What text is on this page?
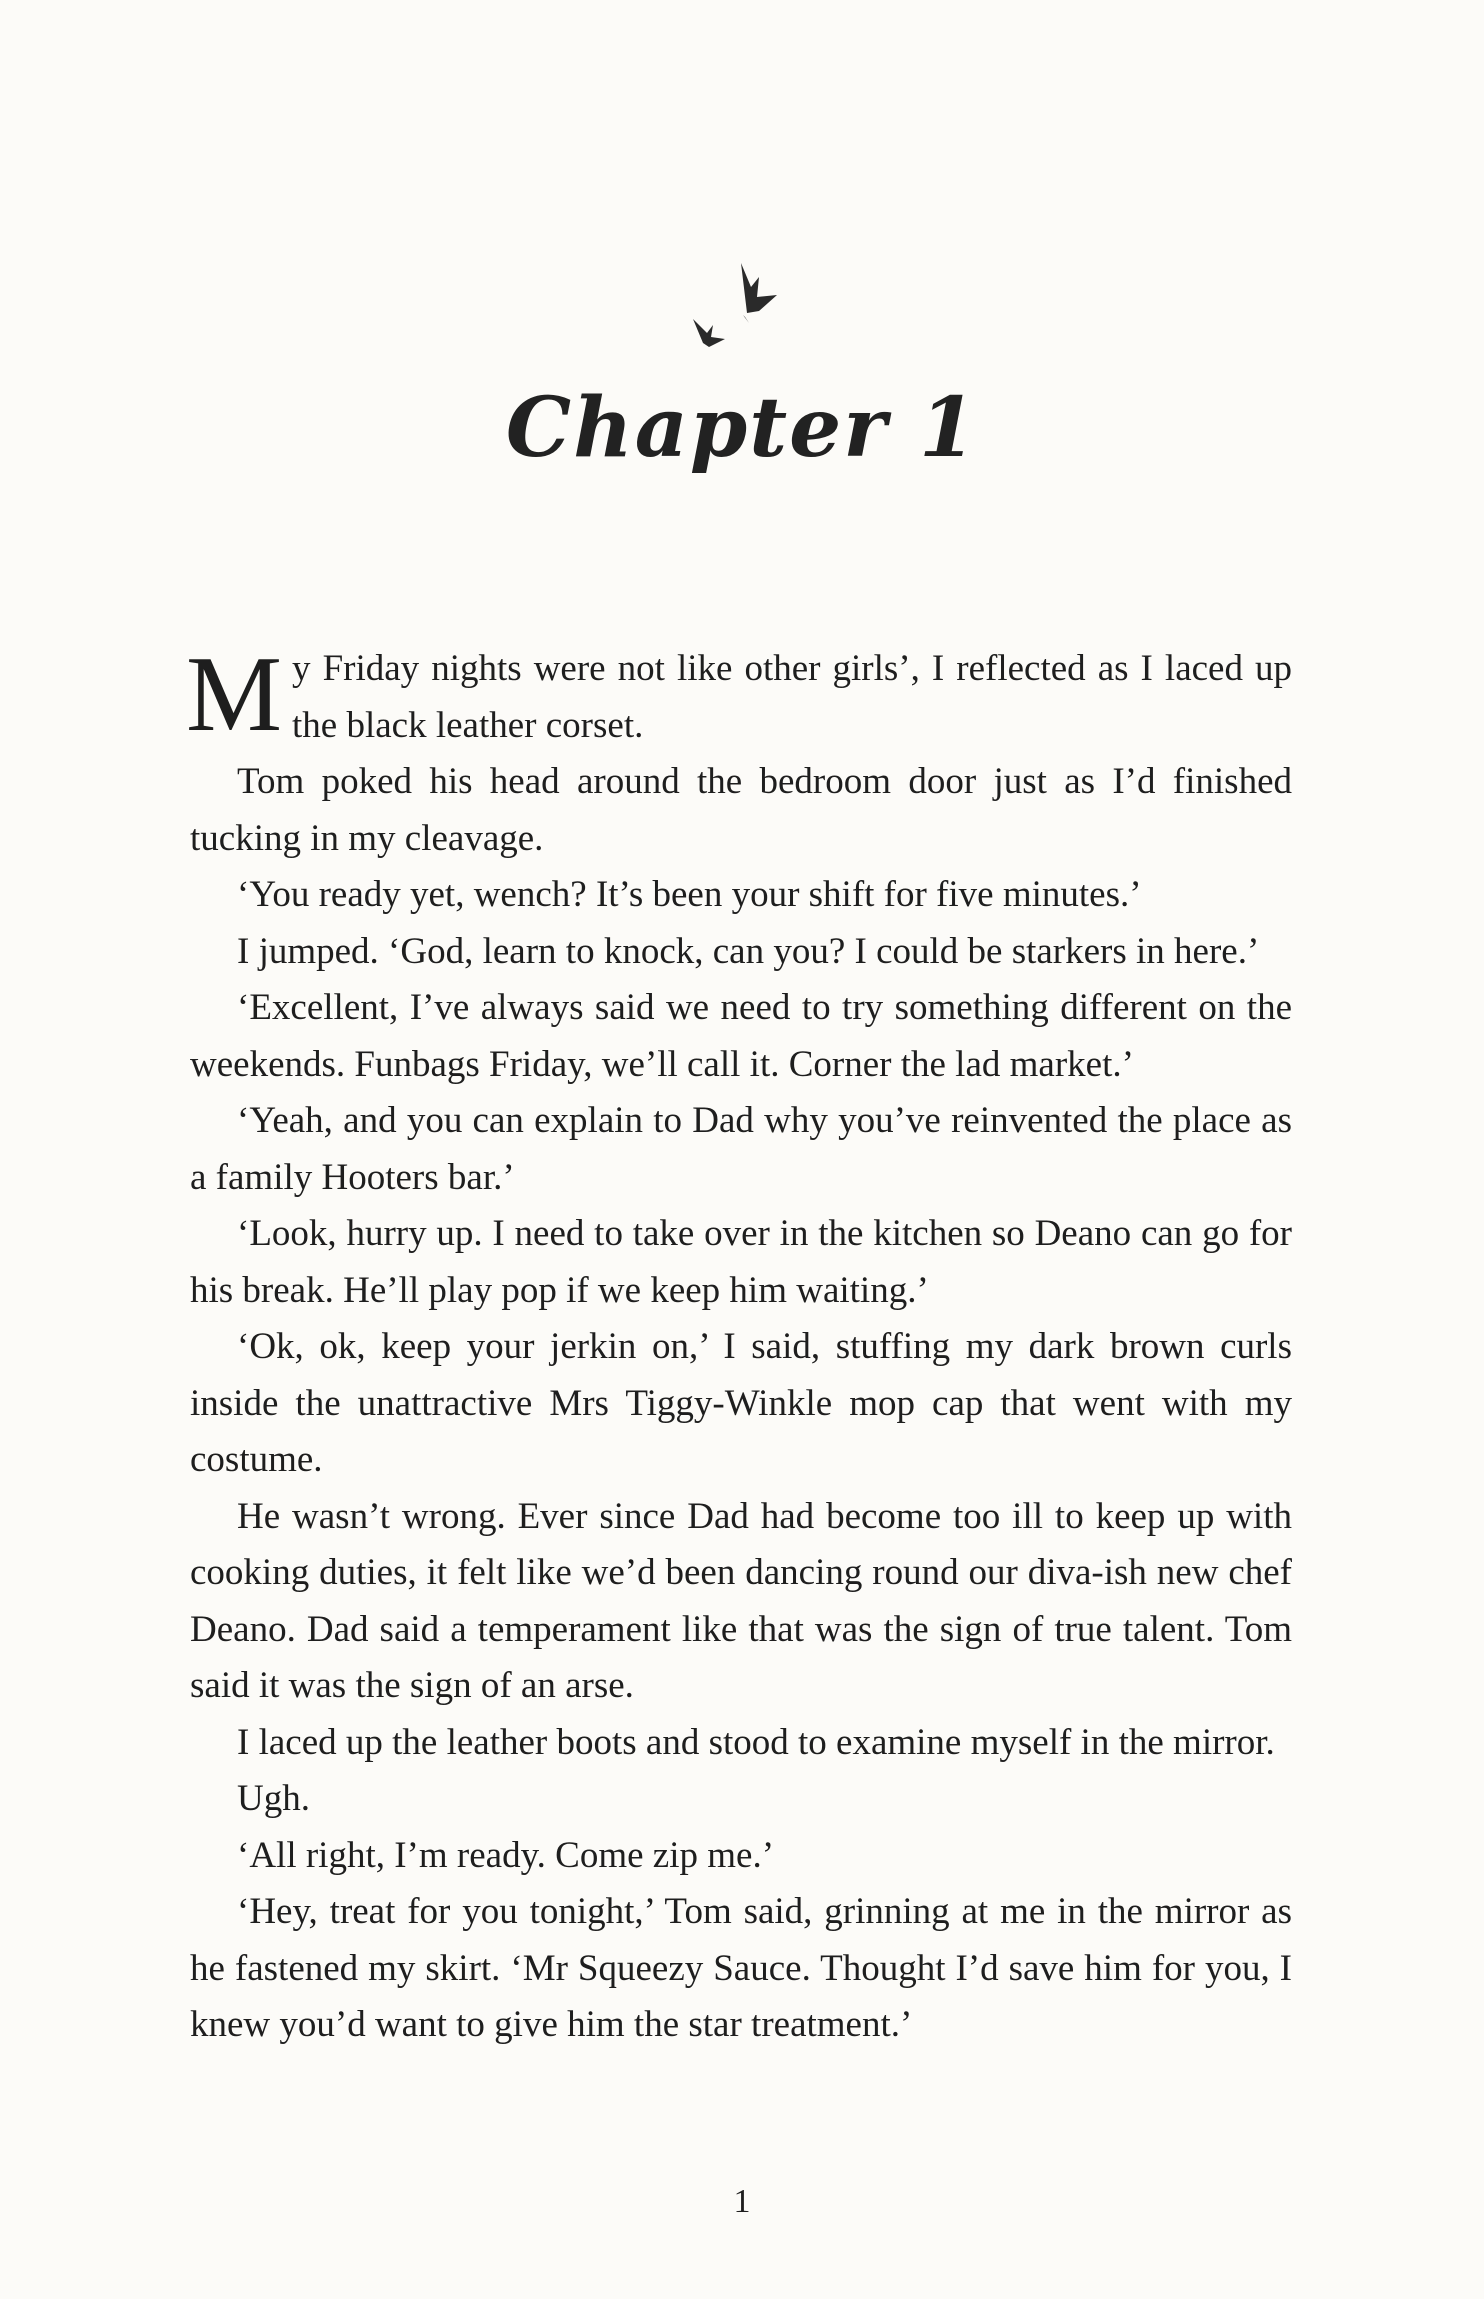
Chapter 1

My Friday nights were not like other girls’, I reflected as I laced up the black leather corset.

Tom poked his head around the bedroom door just as I’d finished tucking in my cleavage.

‘You ready yet, wench? It’s been your shift for five minutes.’

I jumped. ‘God, learn to knock, can you? I could be starkers in here.’

‘Excellent, I’ve always said we need to try something different on the weekends. Funbags Friday, we’ll call it. Corner the lad market.’

‘Yeah, and you can explain to Dad why you’ve reinvented the place as a family Hooters bar.’

‘Look, hurry up. I need to take over in the kitchen so Deano can go for his break. He’ll play pop if we keep him waiting.’

‘Ok, ok, keep your jerkin on,’ I said, stuffing my dark brown curls inside the unattractive Mrs Tiggy-Winkle mop cap that went with my costume.

He wasn’t wrong. Ever since Dad had become too ill to keep up with cooking duties, it felt like we’d been dancing round our diva-ish new chef Deano. Dad said a temperament like that was the sign of true talent. Tom said it was the sign of an arse.

I laced up the leather boots and stood to examine myself in the mirror.

Ugh.

‘All right, I’m ready. Come zip me.’

‘Hey, treat for you tonight,’ Tom said, grinning at me in the mirror as he fastened my skirt. ‘Mr Squeezy Sauce. Thought I’d save him for you, I knew you’d want to give him the star treatment.’

1
